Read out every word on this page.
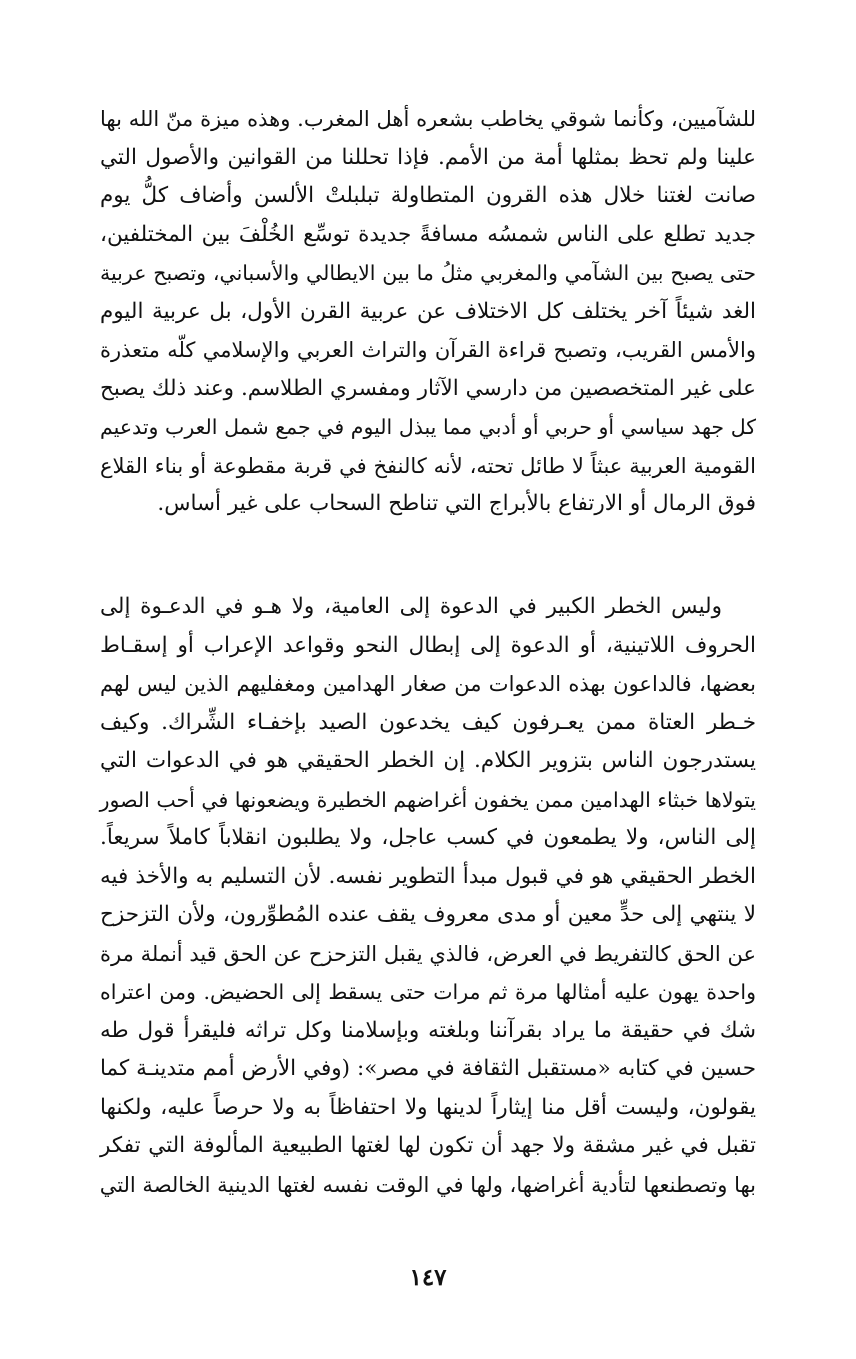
للشآميين، وكأنما شوقي يخاطب بشعره أهل المغرب. وهذه ميزة منّ الله بها
علينا ولم تحظ بمثلها أمة من الأمم. فإذا تحللنا من القوانين والأصول التي
صانت لغتنا خلال هذه القرون المتطاولة تبلبلتْ الألسن وأضاف كلُّ يوم
جديد تطلع على الناس شمسُه مسافةً جديدة توسِّع الخُلْفَ بين المختلفين،
حتى يصبح بين الشآمي والمغربي مثلُ ما بين الايطالي والأسباني، وتصبح عربية
الغد شيئاً آخر يختلف كل الاختلاف عن عربية القرن الأول، بل عربية اليوم
والأمس القريب، وتصبح قراءة القرآن والتراث العربي والإسلامي كلّه متعذرة
على غير المتخصصين من دارسي الآثار ومفسري الطلاسم. وعند ذلك يصبح
كل جهد سياسي أو حربي أو أدبي مما يبذل اليوم في جمع شمل العرب وتدعيم
القومية العربية عبثاً لا طائل تحته، لأنه كالنفخ في قربة مقطوعة أو بناء القلاع
فوق الرمال أو الارتفاع بالأبراج التي تناطح السحاب على غير أساس.
وليس الخطر الكبير في الدعوة إلى العامية، ولا هـو في الدعـوة إلى
الحروف اللاتينية، أو الدعوة إلى إبطال النحو وقواعد الإعراب أو إسقـاط
بعضها، فالداعون بهذه الدعوات من صغار الهدامين ومغفليهم الذين ليس لهم
خـطر العتاة ممن يعـرفون كيف يخدعون الصيد بإخفـاء الشِّراك. وكيف
يستدرجون الناس بتزوير الكلام. إن الخطر الحقيقي هو في الدعوات التي
يتولاها خبثاء الهدامين ممن يخفون أغراضهم الخطيرة ويضعونها في أحب الصور
إلى الناس، ولا يطمعون في كسب عاجل، ولا يطلبون انقلاباً كاملاً سريعاً.
الخطر الحقيقي هو في قبول مبدأ التطوير نفسه. لأن التسليم به والأخذ فيه
لا ينتهي إلى حدٍّ معين أو مدى معروف يقف عنده المُطوِّرون، ولأن التزحزح
عن الحق كالتفريط في العرض، فالذي يقبل التزحزح عن الحق قيد أنملة مرة
واحدة يهون عليه أمثالها مرة ثم مرات حتى يسقط إلى الحضيض. ومن اعتراه
شك في حقيقة ما يراد بقرآننا وبلغته وبإسلامنا وكل تراثه فليقرأ قول طه
حسين في كتابه «مستقبل الثقافة في مصر»: (وفي الأرض أمم متدينـة كما
يقولون، وليست أقل منا إيثاراً لدينها ولا احتفاظاً به ولا حرصاً عليه، ولكنها
تقبل في غير مشقة ولا جهد أن تكون لها لغتها الطبيعية المألوفة التي تفكر
بها وتصطنعها لتأدية أغراضها، ولها في الوقت نفسه لغتها الدينية الخالصة التي
١٤٧
